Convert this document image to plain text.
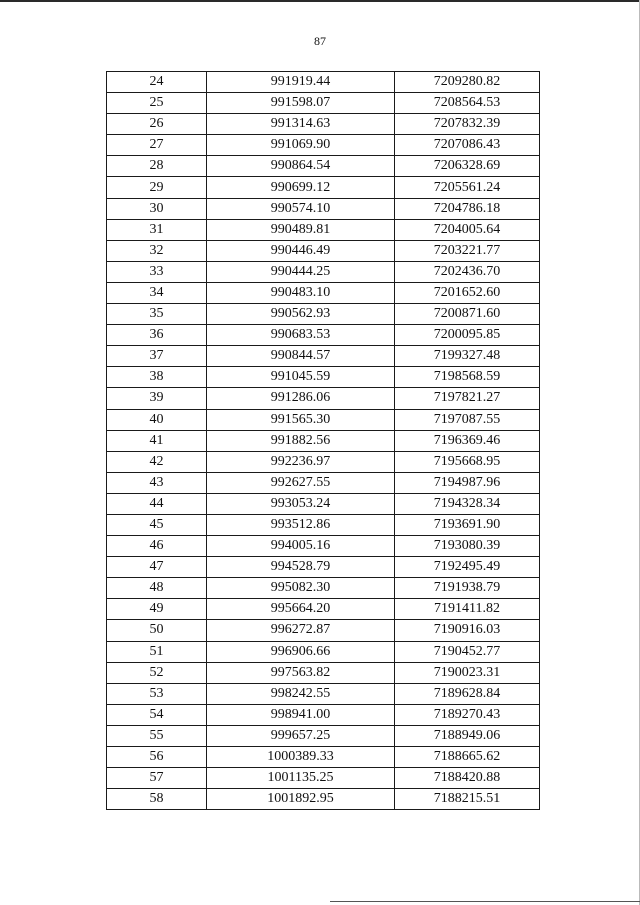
87
24	991919.44	7209280.82
25	991598.07	7208564.53
26	991314.63	7207832.39
27	991069.90	7207086.43
28	990864.54	7206328.69
29	990699.12	7205561.24
30	990574.10	7204786.18
31	990489.81	7204005.64
32	990446.49	7203221.77
33	990444.25	7202436.70
34	990483.10	7201652.60
35	990562.93	7200871.60
36	990683.53	7200095.85
37	990844.57	7199327.48
38	991045.59	7198568.59
39	991286.06	7197821.27
40	991565.30	7197087.55
41	991882.56	7196369.46
42	992236.97	7195668.95
43	992627.55	7194987.96
44	993053.24	7194328.34
45	993512.86	7193691.90
46	994005.16	7193080.39
47	994528.79	7192495.49
48	995082.30	7191938.79
49	995664.20	7191411.82
50	996272.87	7190916.03
51	996906.66	7190452.77
52	997563.82	7190023.31
53	998242.55	7189628.84
54	998941.00	7189270.43
55	999657.25	7188949.06
56	1000389.33	7188665.62
57	1001135.25	7188420.88
58	1001892.95	7188215.51
